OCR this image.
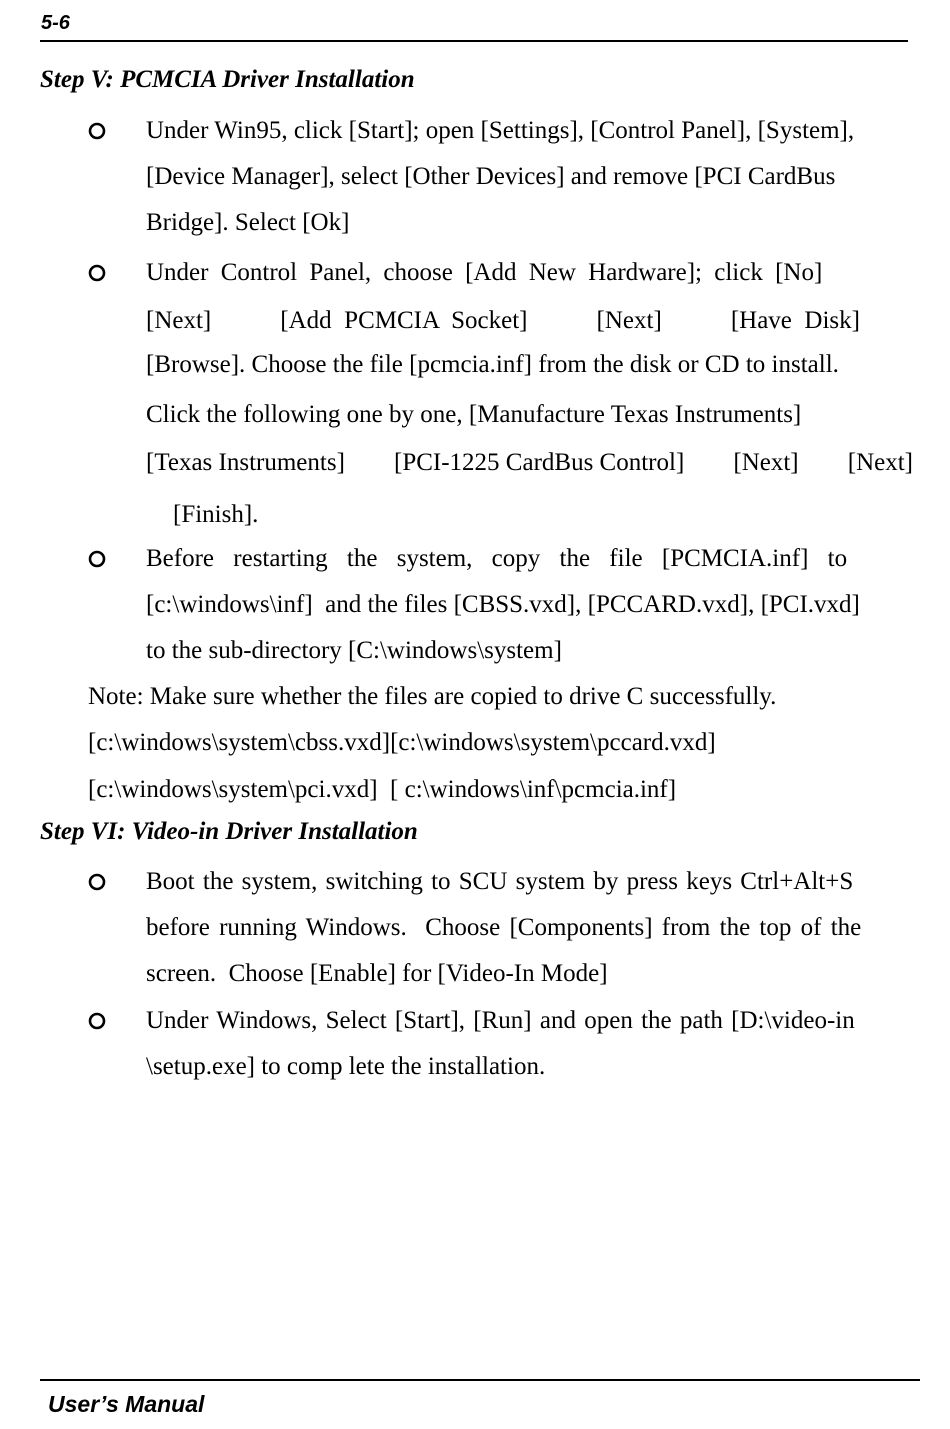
5-6
Step V: PCMCIA Driver Installation
Under Win95, click [Start]; open [Settings], [Control Panel], [System],
[Device Manager], select [Other Devices] and remove [PCI CardBus
Bridge]. Select [Ok]
Under Control Panel, choose [Add New Hardware]; click [No]
[Next]	[Add  PCMCIA  Socket]	[Next]	[Have  Disk]
[Browse]. Choose the file [pcmcia.inf] from the disk or CD to install.
Click the following one by one, [Manufacture Texas Instruments]
[Texas Instruments] [PCI-1225 CardBus Control] [Next] [Next]
[Finish].
Before restarting the system, copy the file [PCMCIA.inf] to
[c:\windows\inf]  and the files [CBSS.vxd], [PCCARD.vxd], [PCI.vxd]
to the sub-directory [C:\windows\system]
Note: Make sure whether the files are copied to drive C successfully.
[c:\windows\system\cbss.vxd][c:\windows\system\pccard.vxd]
[c:\windows\system\pci.vxd]  [ c:\windows\inf\pcmcia.inf]
Step VI: Video-in Driver Installation
Boot the system, switching to SCU system by press keys Ctrl+Alt+S
before running Windows.  Choose [Components] from the top of the
screen.  Choose [Enable] for [Video-In Mode]
Under Windows, Select [Start], [Run] and open the path [D:\video-in
\setup.exe] to comp lete the installation.
User’s Manual
